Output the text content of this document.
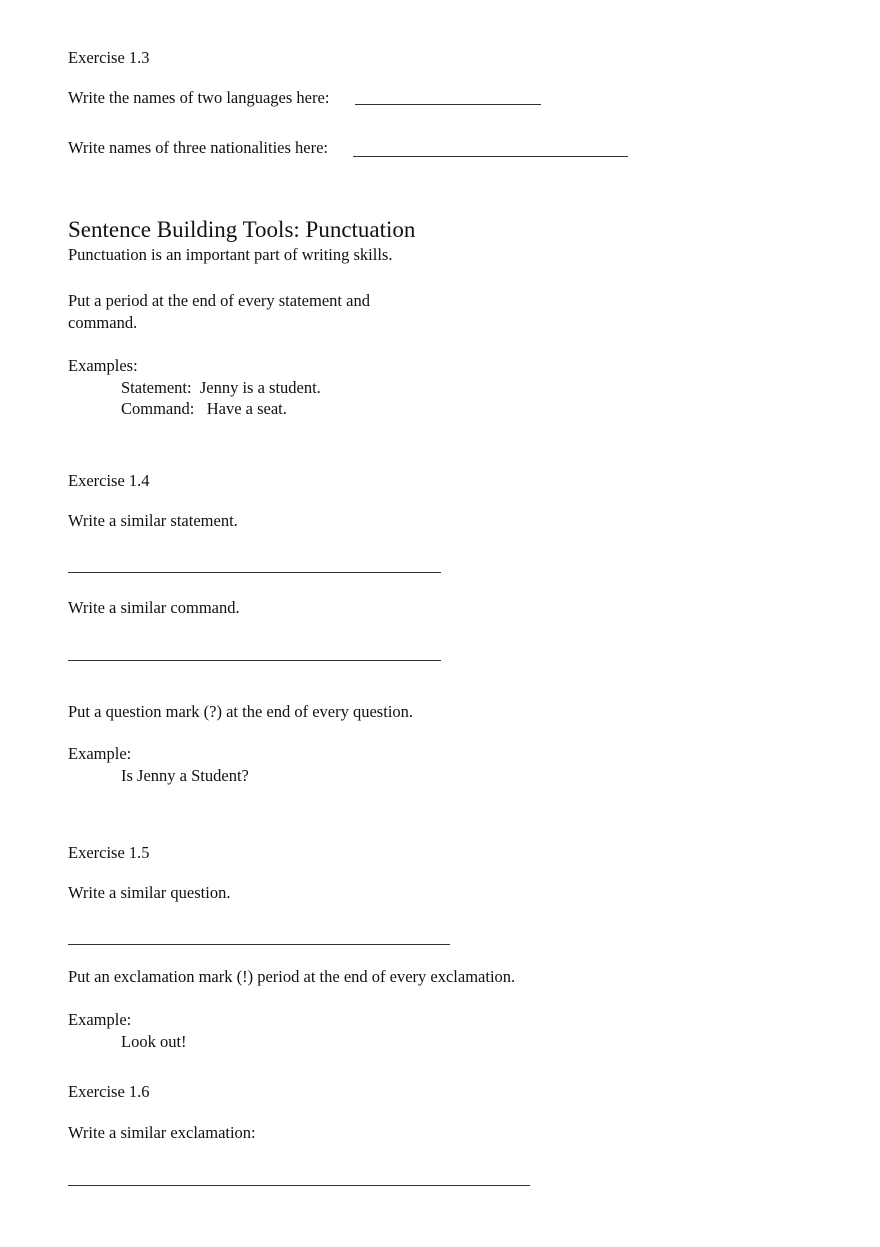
Exercise 1.3
Write the names of two languages here:
Write names of three nationalities here:
Sentence Building Tools: Punctuation
Punctuation is an important part of writing skills.
Put a period at the end of every statement and
command.
Examples:
Statement:  Jenny is a student.
Command:   Have a seat.
Exercise 1.4
Write a similar statement.
Write a similar command.
Put a question mark (?) at the end of every question.
Example:
Is Jenny a Student?
Exercise 1.5
Write a similar question.
Put an exclamation mark (!) period at the end of every exclamation.
Example:
Look out!
Exercise 1.6
Write a similar exclamation:
